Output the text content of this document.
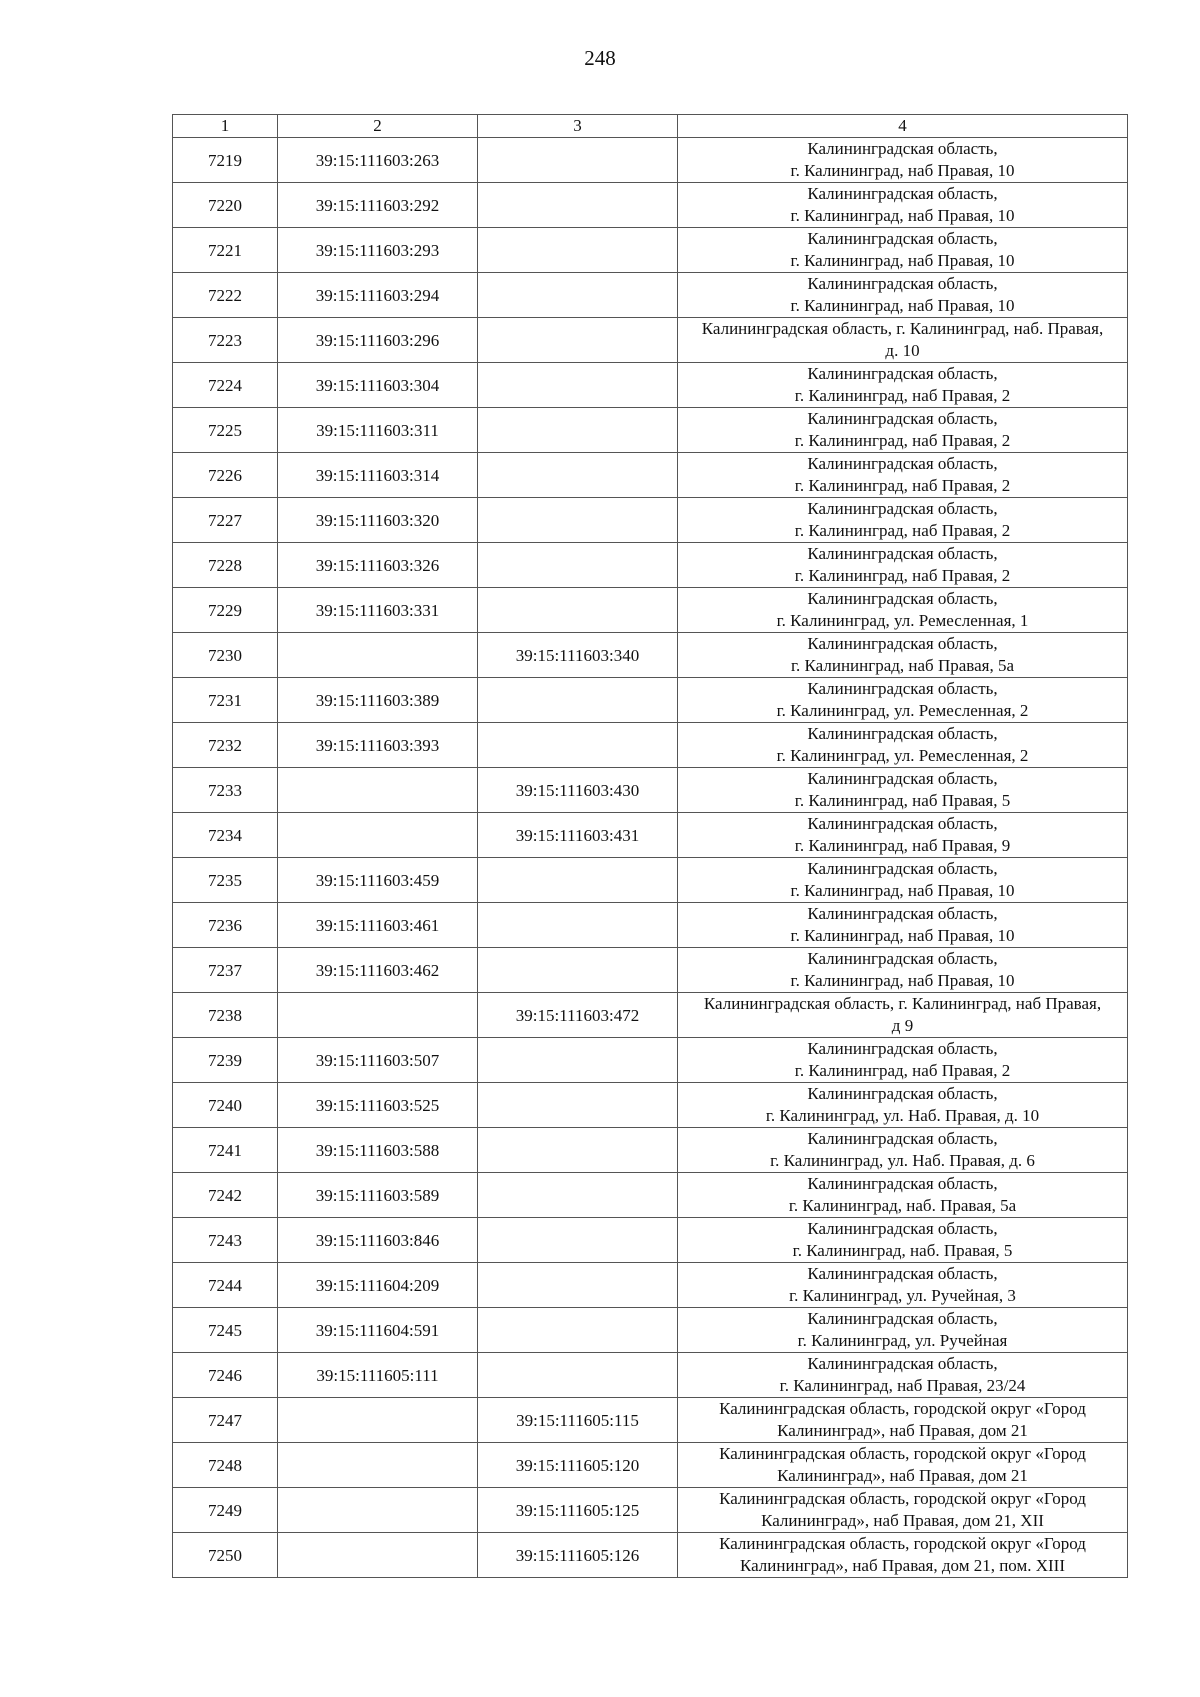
248
1	2	3	4
7219	39:15:111603:263		Калининградская область,
г. Калининград, наб Правая, 10

7220	39:15:111603:292		Калининградская область,
г. Калининград, наб Правая, 10

7221	39:15:111603:293		Калининградская область,
г. Калининград, наб Правая, 10

7222	39:15:111603:294		Калининградская область,
г. Калининград, наб Правая, 10

7223	39:15:111603:296		Калининградская область, г. Калининград, наб. Правая,
д. 10

7224	39:15:111603:304		Калининградская область,
г. Калининград, наб Правая, 2

7225	39:15:111603:311		Калининградская область,
г. Калининград, наб Правая, 2

7226	39:15:111603:314		Калининградская область,
г. Калининград, наб Правая, 2

7227	39:15:111603:320		Калининградская область,
г. Калининград, наб Правая, 2

7228	39:15:111603:326		Калининградская область,
г. Калининград, наб Правая, 2

7229	39:15:111603:331		Калининградская область,
г. Калининград, ул. Ремесленная, 1

7230		39:15:111603:340	Калининградская область,
г. Калининград, наб Правая, 5а

7231	39:15:111603:389		Калининградская область,
г. Калининград, ул. Ремесленная, 2

7232	39:15:111603:393		Калининградская область,
г. Калининград, ул. Ремесленная, 2

7233		39:15:111603:430	Калининградская область,
г. Калининград, наб Правая, 5

7234		39:15:111603:431	Калининградская область,
г. Калининград, наб Правая, 9

7235	39:15:111603:459		Калининградская область,
г. Калининград, наб Правая, 10

7236	39:15:111603:461		Калининградская область,
г. Калининград, наб Правая, 10

7237	39:15:111603:462		Калининградская область,
г. Калининград, наб Правая, 10

7238		39:15:111603:472	Калининградская область, г. Калининград, наб Правая,
д 9

7239	39:15:111603:507		Калининградская область,
г. Калининград, наб Правая, 2

7240	39:15:111603:525		Калининградская область,
г. Калининград, ул. Наб. Правая, д. 10

7241	39:15:111603:588		Калининградская область,
г. Калининград, ул. Наб. Правая, д. 6

7242	39:15:111603:589		Калининградская область,
г. Калининград, наб. Правая, 5а

7243	39:15:111603:846		Калининградская область,
г. Калининград, наб. Правая, 5

7244	39:15:111604:209		Калининградская область,
г. Калининград, ул. Ручейная, 3

7245	39:15:111604:591		Калининградская область,
г. Калининград, ул. Ручейная

7246	39:15:111605:111		Калининградская область,
г. Калининград, наб Правая, 23/24

7247		39:15:111605:115	Калининградская область, городской округ «Город
Калининград», наб Правая, дом 21

7248		39:15:111605:120	Калининградская область, городской округ «Город
Калининград», наб Правая, дом 21

7249		39:15:111605:125	Калининградская область, городской округ «Город
Калининград», наб Правая, дом 21, XII

7250		39:15:111605:126	Калининградская область, городской округ «Город
Калининград», наб Правая, дом 21, пом. XIII
